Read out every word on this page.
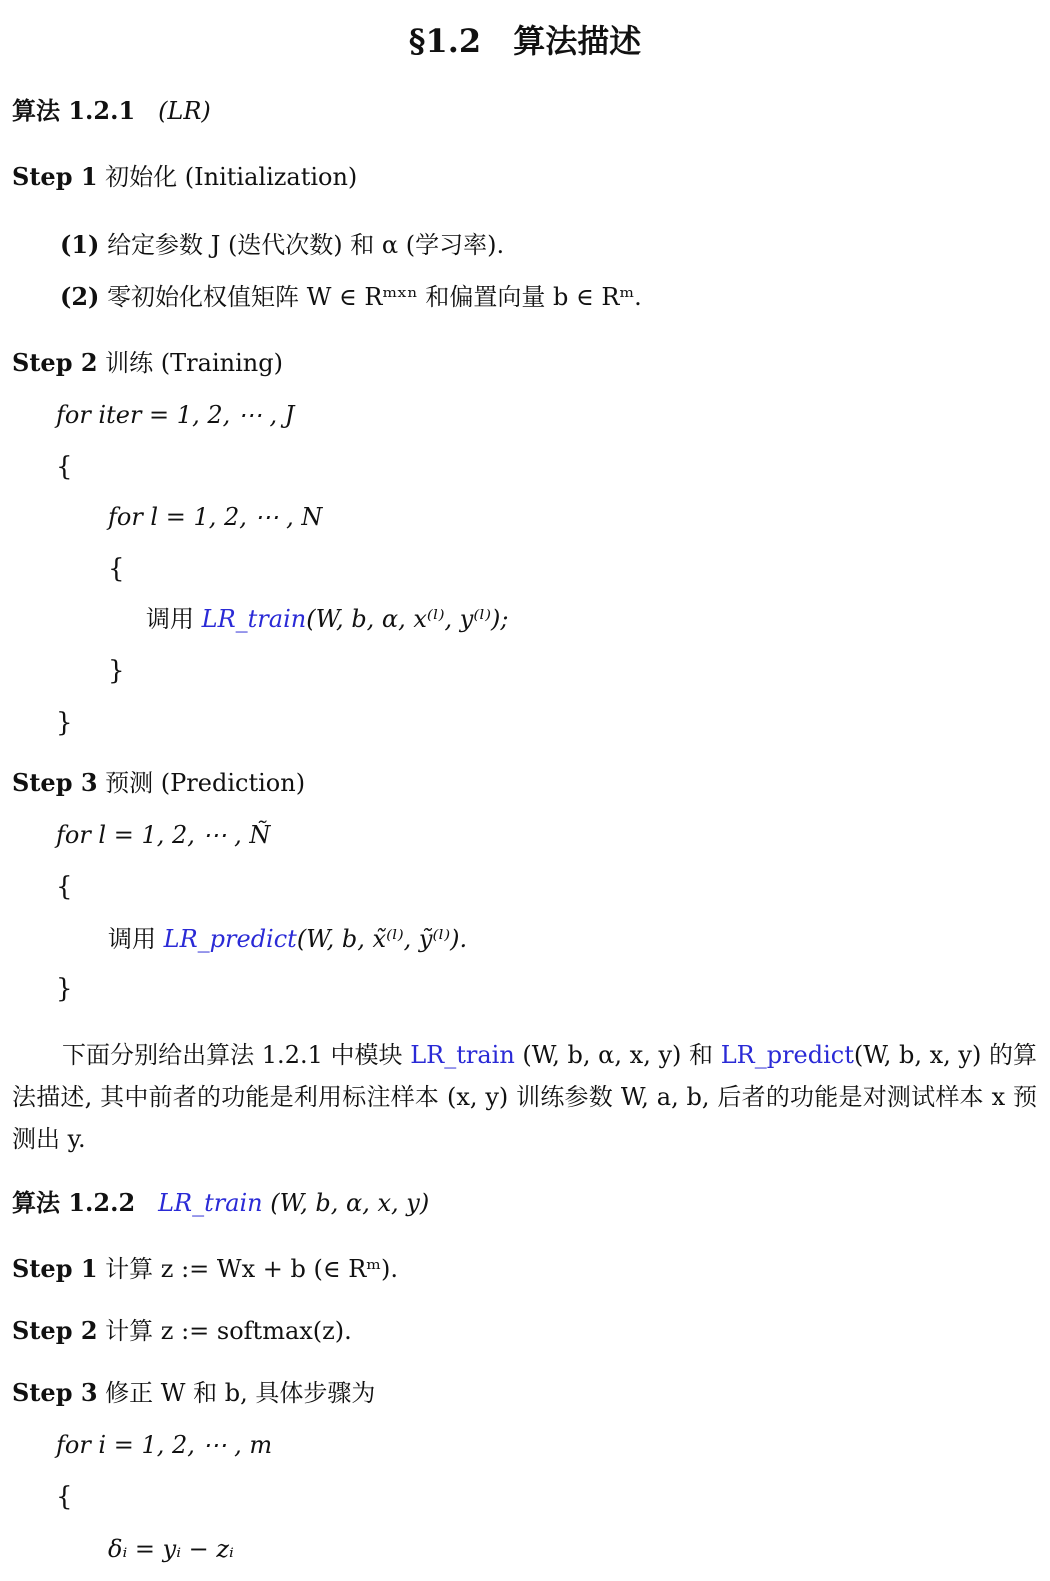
§1.2　算法描述
算法 1.2.1 (LR)
Step 1 初始化 (Initialization)
(1) 给定参数 J (迭代次数) 和 α (学习率).
(2) 零初始化权值矩阵 W ∈ Rᵐˣⁿ 和偏置向量 b ∈ Rᵐ.
Step 2 训练 (Training)
for iter = 1, 2, ⋯ , J
{
for l = 1, 2, ⋯ , N
{
调用 LR_train(W, b, α, x⁽ˡ⁾, y⁽ˡ⁾);
}
}
Step 3 预测 (Prediction)
for l = 1, 2, ⋯ , Ñ
{
调用 LR_predict(W, b, x̃⁽ˡ⁾, ỹ⁽ˡ⁾).
}
下面分别给出算法 1.2.1 中模块 LR_train (W, b, α, x, y) 和 LR_predict(W, b, x, y) 的算法描述, 其中前者的功能是利用标注样本 (x, y) 训练参数 W, a, b, 后者的功能是对测试样本 x 预测出 y.
算法 1.2.2 LR_train (W, b, α, x, y)
Step 1 计算 z := Wx + b (∈ Rᵐ).
Step 2 计算 z := softmax(z).
Step 3 修正 W 和 b, 具体步骤为
for i = 1, 2, ⋯ , m
{
δᵢ = yᵢ − zᵢ
